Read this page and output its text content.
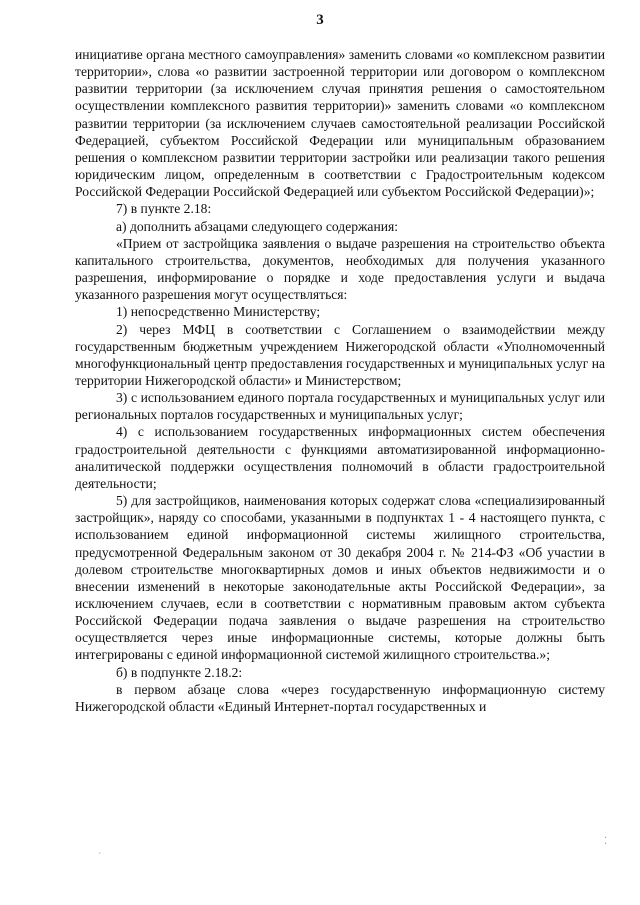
3

инициативе органа местного самоуправления» заменить словами «о комплексном развитии территории», слова «о развитии застроенной территории или договором о комплексном развитии территории (за исключением случая принятия решения о самостоятельном осуществлении комплексного развития территории)» заменить словами «о комплексном развитии территории (за исключением случаев самостоятельной реализации Российской Федерацией, субъектом Российской Федерации или муниципальным образованием решения о комплексном развитии территории застройки или реализации такого решения юридическим лицом, определенным в соответствии с Градостроительным кодексом Российской Федерации Российской Федерацией или субъектом Российской Федерации)»;

7) в пункте 2.18:

а) дополнить абзацами следующего содержания:

«Прием от застройщика заявления о выдаче разрешения на строительство объекта капитального строительства, документов, необходимых для получения указанного разрешения, информирование о порядке и ходе предоставления услуги и выдача указанного разрешения могут осуществляться:

1) непосредственно Министерству;

2) через МФЦ в соответствии с Соглашением о взаимодействии между государственным бюджетным учреждением Нижегородской области «Уполномоченный многофункциональный центр предоставления государственных и муниципальных услуг на территории Нижегородской области» и Министерством;

3) с использованием единого портала государственных и муниципальных услуг или региональных порталов государственных и муниципальных услуг;

4) с использованием государственных информационных систем обеспечения градостроительной деятельности с функциями автоматизированной информационно-аналитической поддержки осуществления полномочий в области градостроительной деятельности;

5) для застройщиков, наименования которых содержат слова «специализированный застройщик», наряду со способами, указанными в подпунктах 1 - 4 настоящего пункта, с использованием единой информационной системы жилищного строительства, предусмотренной Федеральным законом от 30 декабря 2004 г. № 214-ФЗ «Об участии в долевом строительстве многоквартирных домов и иных объектов недвижимости и о внесении изменений в некоторые законодательные акты Российской Федерации», за исключением случаев, если в соответствии с нормативным правовым актом субъекта Российской Федерации подача заявления о выдаче разрешения на строительство осуществляется через иные информационные системы, которые должны быть интегрированы с единой информационной системой жилищного строительства.»;

б) в подпункте 2.18.2:

в первом абзаце слова «через государственную информационную систему Нижегородской области «Единый Интернет-портал государственных и

⁚
ˊ
